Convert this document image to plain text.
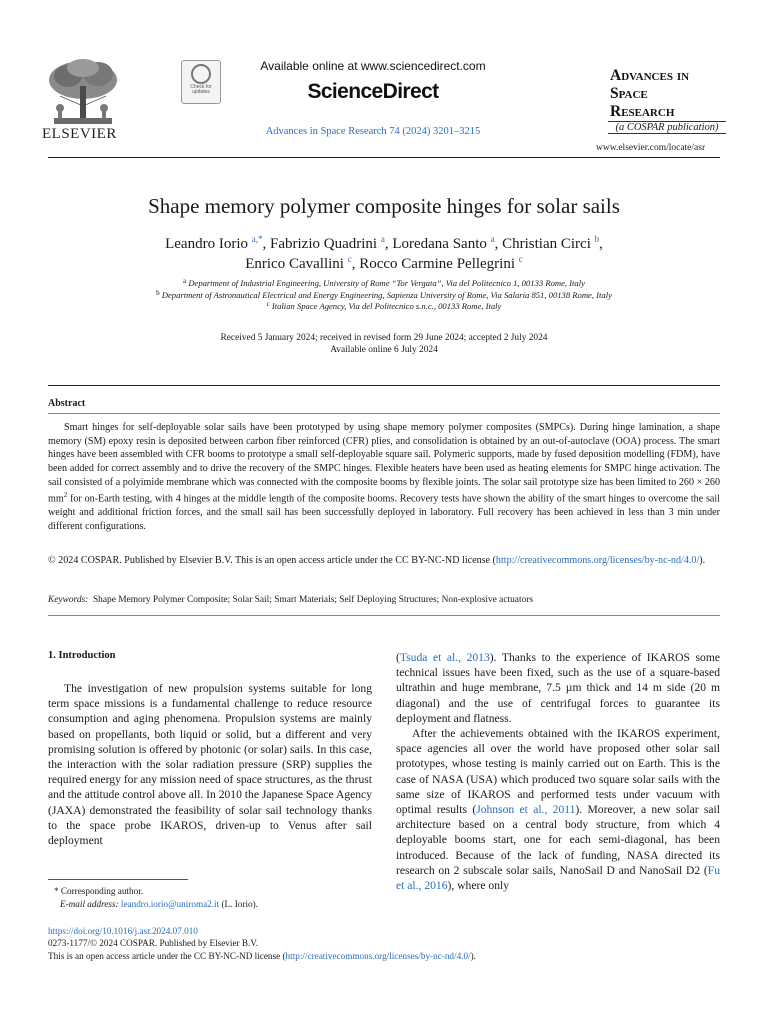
ELSEVIER
Check for updates
Available online at www.sciencedirect.com
ScienceDirect
Advances in Space Research 74 (2024) 3201–3215
Advances in
Space
Research
(a COSPAR publication)
www.elsevier.com/locate/asr
Shape memory polymer composite hinges for solar sails
Leandro Iorio $^{a,*}$, Fabrizio Quadrini $^a$, Loredana Santo $^a$, Christian Circi $^b$,
Enrico Cavallini $^c$, Rocco Carmine Pellegrini $^c$
$^a$ Department of Industrial Engineering, University of Rome “Tor Vergata”, Via del Politecnico 1, 00133 Rome, Italy
$^b$ Department of Astronautical Electrical and Energy Engineering, Sapienza University of Rome, Via Salaria 851, 00138 Rome, Italy
$^c$ Italian Space Agency, Via del Politecnico s.n.c., 00133 Rome, Italy
Received 5 January 2024; received in revised form 29 June 2024; accepted 2 July 2024
Available online 6 July 2024
Abstract
Smart hinges for self-deployable solar sails have been prototyped by using shape memory polymer composites (SMPCs). During hinge lamination, a shape memory (SM) epoxy resin is deposited between carbon fiber reinforced (CFR) plies, and consolidation is obtained by an out-of-autoclave (OOA) process. The smart hinges have been assembled with CFR booms to prototype a small self-deployable square sail. Polymeric supports, made by fused deposition modelling (FDM), have been added for correct assembly and to drive the recovery of the SMPC hinges. Flexible heaters have been used as heating elements for SMPC hinge activation. The sail consisted of a polyimide membrane which was connected with the composite booms by flexible joints. The solar sail prototype size has been limited to 260 × 260 $mm^2$ for on-Earth testing, with 4 hinges at the middle length of the composite booms. Recovery tests have shown the ability of the smart hinges to overcome the sail weight and additional friction forces, and the small sail has been successfully deployed in laboratory. Full recovery has been achieved in less than 3 min under different configurations.
© 2024 COSPAR. Published by Elsevier B.V. This is an open access article under the CC BY-NC-ND license (http://creativecommons.org/licenses/by-nc-nd/4.0/).
Keywords: Shape Memory Polymer Composite; Solar Sail; Smart Materials; Self Deploying Structures; Non-explosive actuators
1. Introduction
The investigation of new propulsion systems suitable for long term space missions is a fundamental challenge to reduce resource consumption and aging phenomena. Propulsion systems are mainly based on propellants, both liquid or solid, but a different and very promising solution is offered by photonic (or solar) sails. In this case, the interaction with the solar radiation pressure (SRP) supplies the required energy for any mission need of space structures, as the thrust and the attitude control above all. In 2010 the Japanese Space Agency (JAXA) demonstrated the feasibility of solar sail technology thanks to the space probe IKAROS, driven-up to Venus after sail deployment

(Tsuda et al., 2013). Thanks to the experience of IKAROS some technical issues have been fixed, such as the use of a square-based ultrathin and huge membrane, 7.5 µm thick and 14 m side (20 m diagonal) and the use of centrifugal forces to guarantee its deployment and flatness.

After the achievements obtained with the IKAROS experiment, space agencies all over the world have proposed other solar sail prototypes, whose testing is mainly carried out on Earth. This is the case of NASA (USA) which produced two square solar sails with the same size of IKAROS and performed tests under vacuum with optimal results (Johnson et al., 2011). Moreover, a new solar sail architecture based on a central body structure, from which 4 deployable booms start, one for each semi-diagonal, has been introduced. Because of the lack of funding, NASA directed its research on 2 subscale solar sails, NanoSail D and NanoSail D2 (Fu et al., 2016), where only

* Corresponding author.
E-mail address: leandro.iorio@uniroma2.it (L. Iorio).
https://doi.org/10.1016/j.asr.2024.07.010
0273-1177/© 2024 COSPAR. Published by Elsevier B.V.
This is an open access article under the CC BY-NC-ND license (http://creativecommons.org/licenses/by-nc-nd/4.0/).
